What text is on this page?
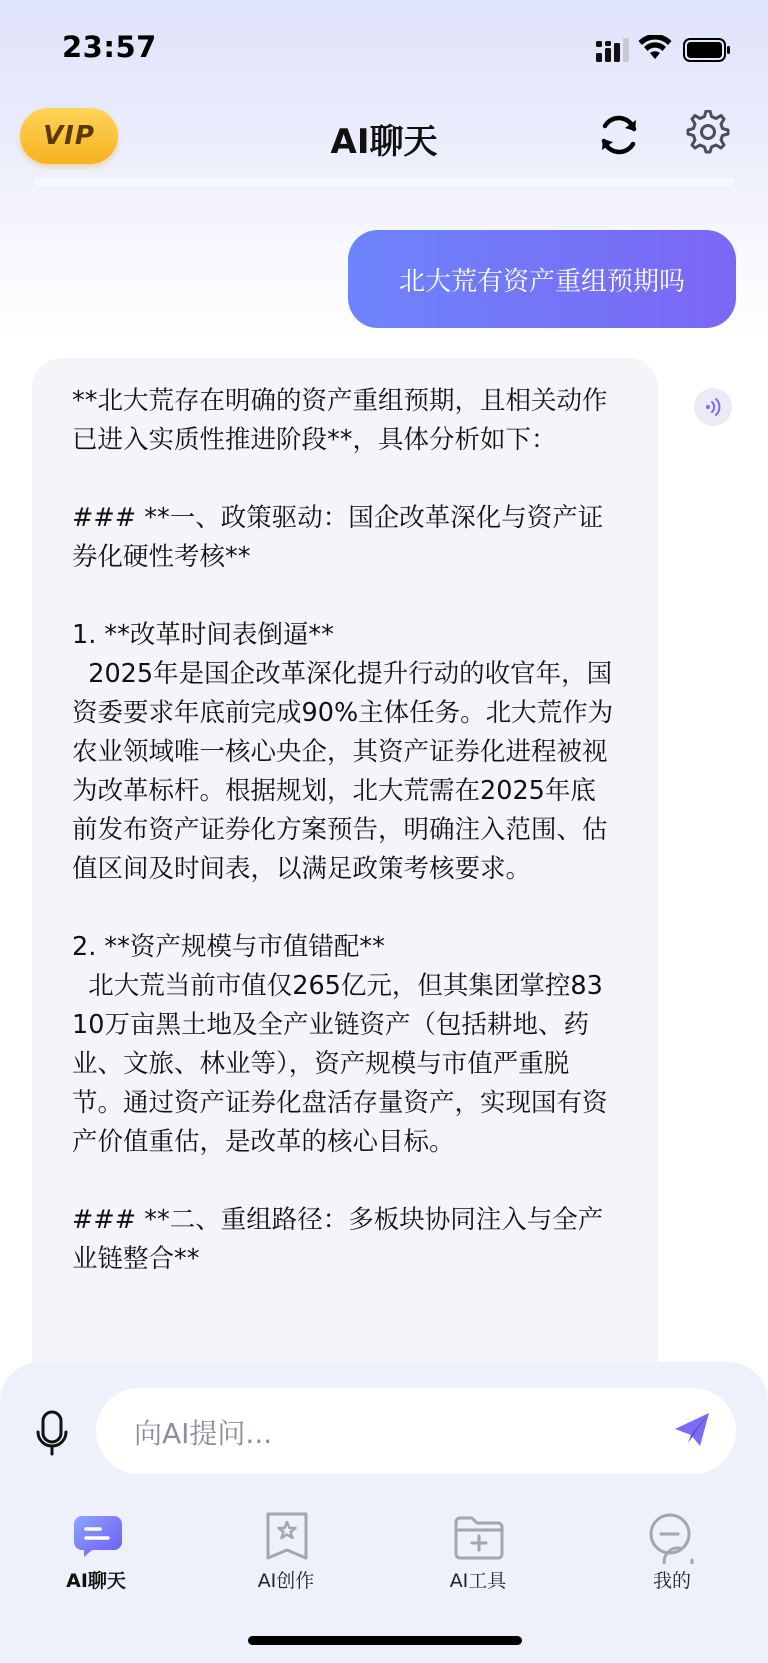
23:57
VIP	AI聊天
北大荒有资产重组预期吗
**北大荒存在明确的资产重组预期，且相关动作已进入实质性推进阶段**，具体分析如下：

### **一、政策驱动：国企改革深化与资产证券化硬性考核**

1. **改革时间表倒逼**
2025年是国企改革深化提升行动的收官年，国资委要求年底前完成90%主体任务。北大荒作为农业领域唯一核心央企，其资产证券化进程被视为改革标杆。根据规划，北大荒需在2025年底前发布资产证券化方案预告，明确注入范围、估值区间及时间表，以满足政策考核要求。

2. **资产规模与市值错配**
北大荒当前市值仅265亿元，但其集团掌控8310万亩黑土地及全产业链资产（包括耕地、药业、文旅、林业等），资产规模与市值严重脱节。通过资产证券化盘活存量资产，实现国有资产价值重估，是改革的核心目标。

### **二、重组路径：多板块协同注入与全产业链整合**
向AI提问...
AI聊天	AI创作	AI工具	我的
